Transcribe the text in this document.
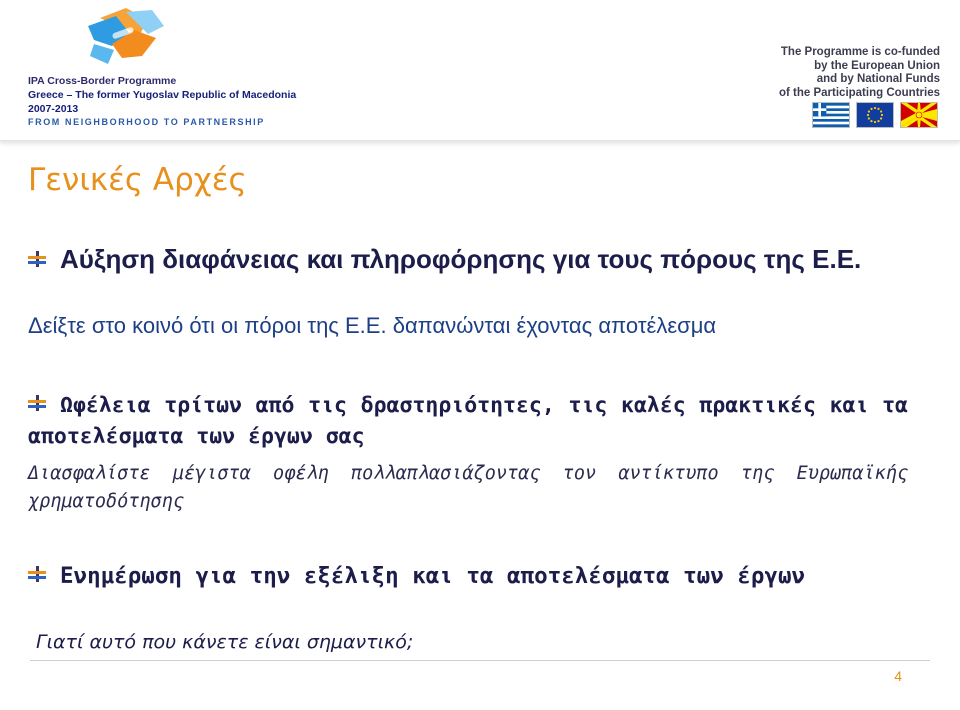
IPA Cross-Border Programme
Greece – The former Yugoslav Republic of Macedonia
2007-2013
FROM NEIGHBORHOOD TO PARTNERSHIP
The Programme is co-funded
by the European Union
and by National Funds
of the Participating Countries
Γενικές Αρχές
Αύξηση διαφάνειας και πληροφόρησης για τους πόρους της Ε.Ε.
Δείξτε στο κοινό ότι οι πόροι της Ε.Ε. δαπανώνται έχοντας αποτέλεσμα
Ωφέλεια τρίτων από τις δραστηριότητες, τις καλές πρακτικές και τα αποτελέσματα των έργων σας
Διασφαλίστε μέγιστα οφέλη πολλαπλασιάζοντας τον αντίκτυπο της Ευρωπαϊκής χρηματοδότησης
Ενημέρωση για την εξέλιξη και τα αποτελέσματα των έργων
Γιατί αυτό που κάνετε είναι σημαντικό;
4
